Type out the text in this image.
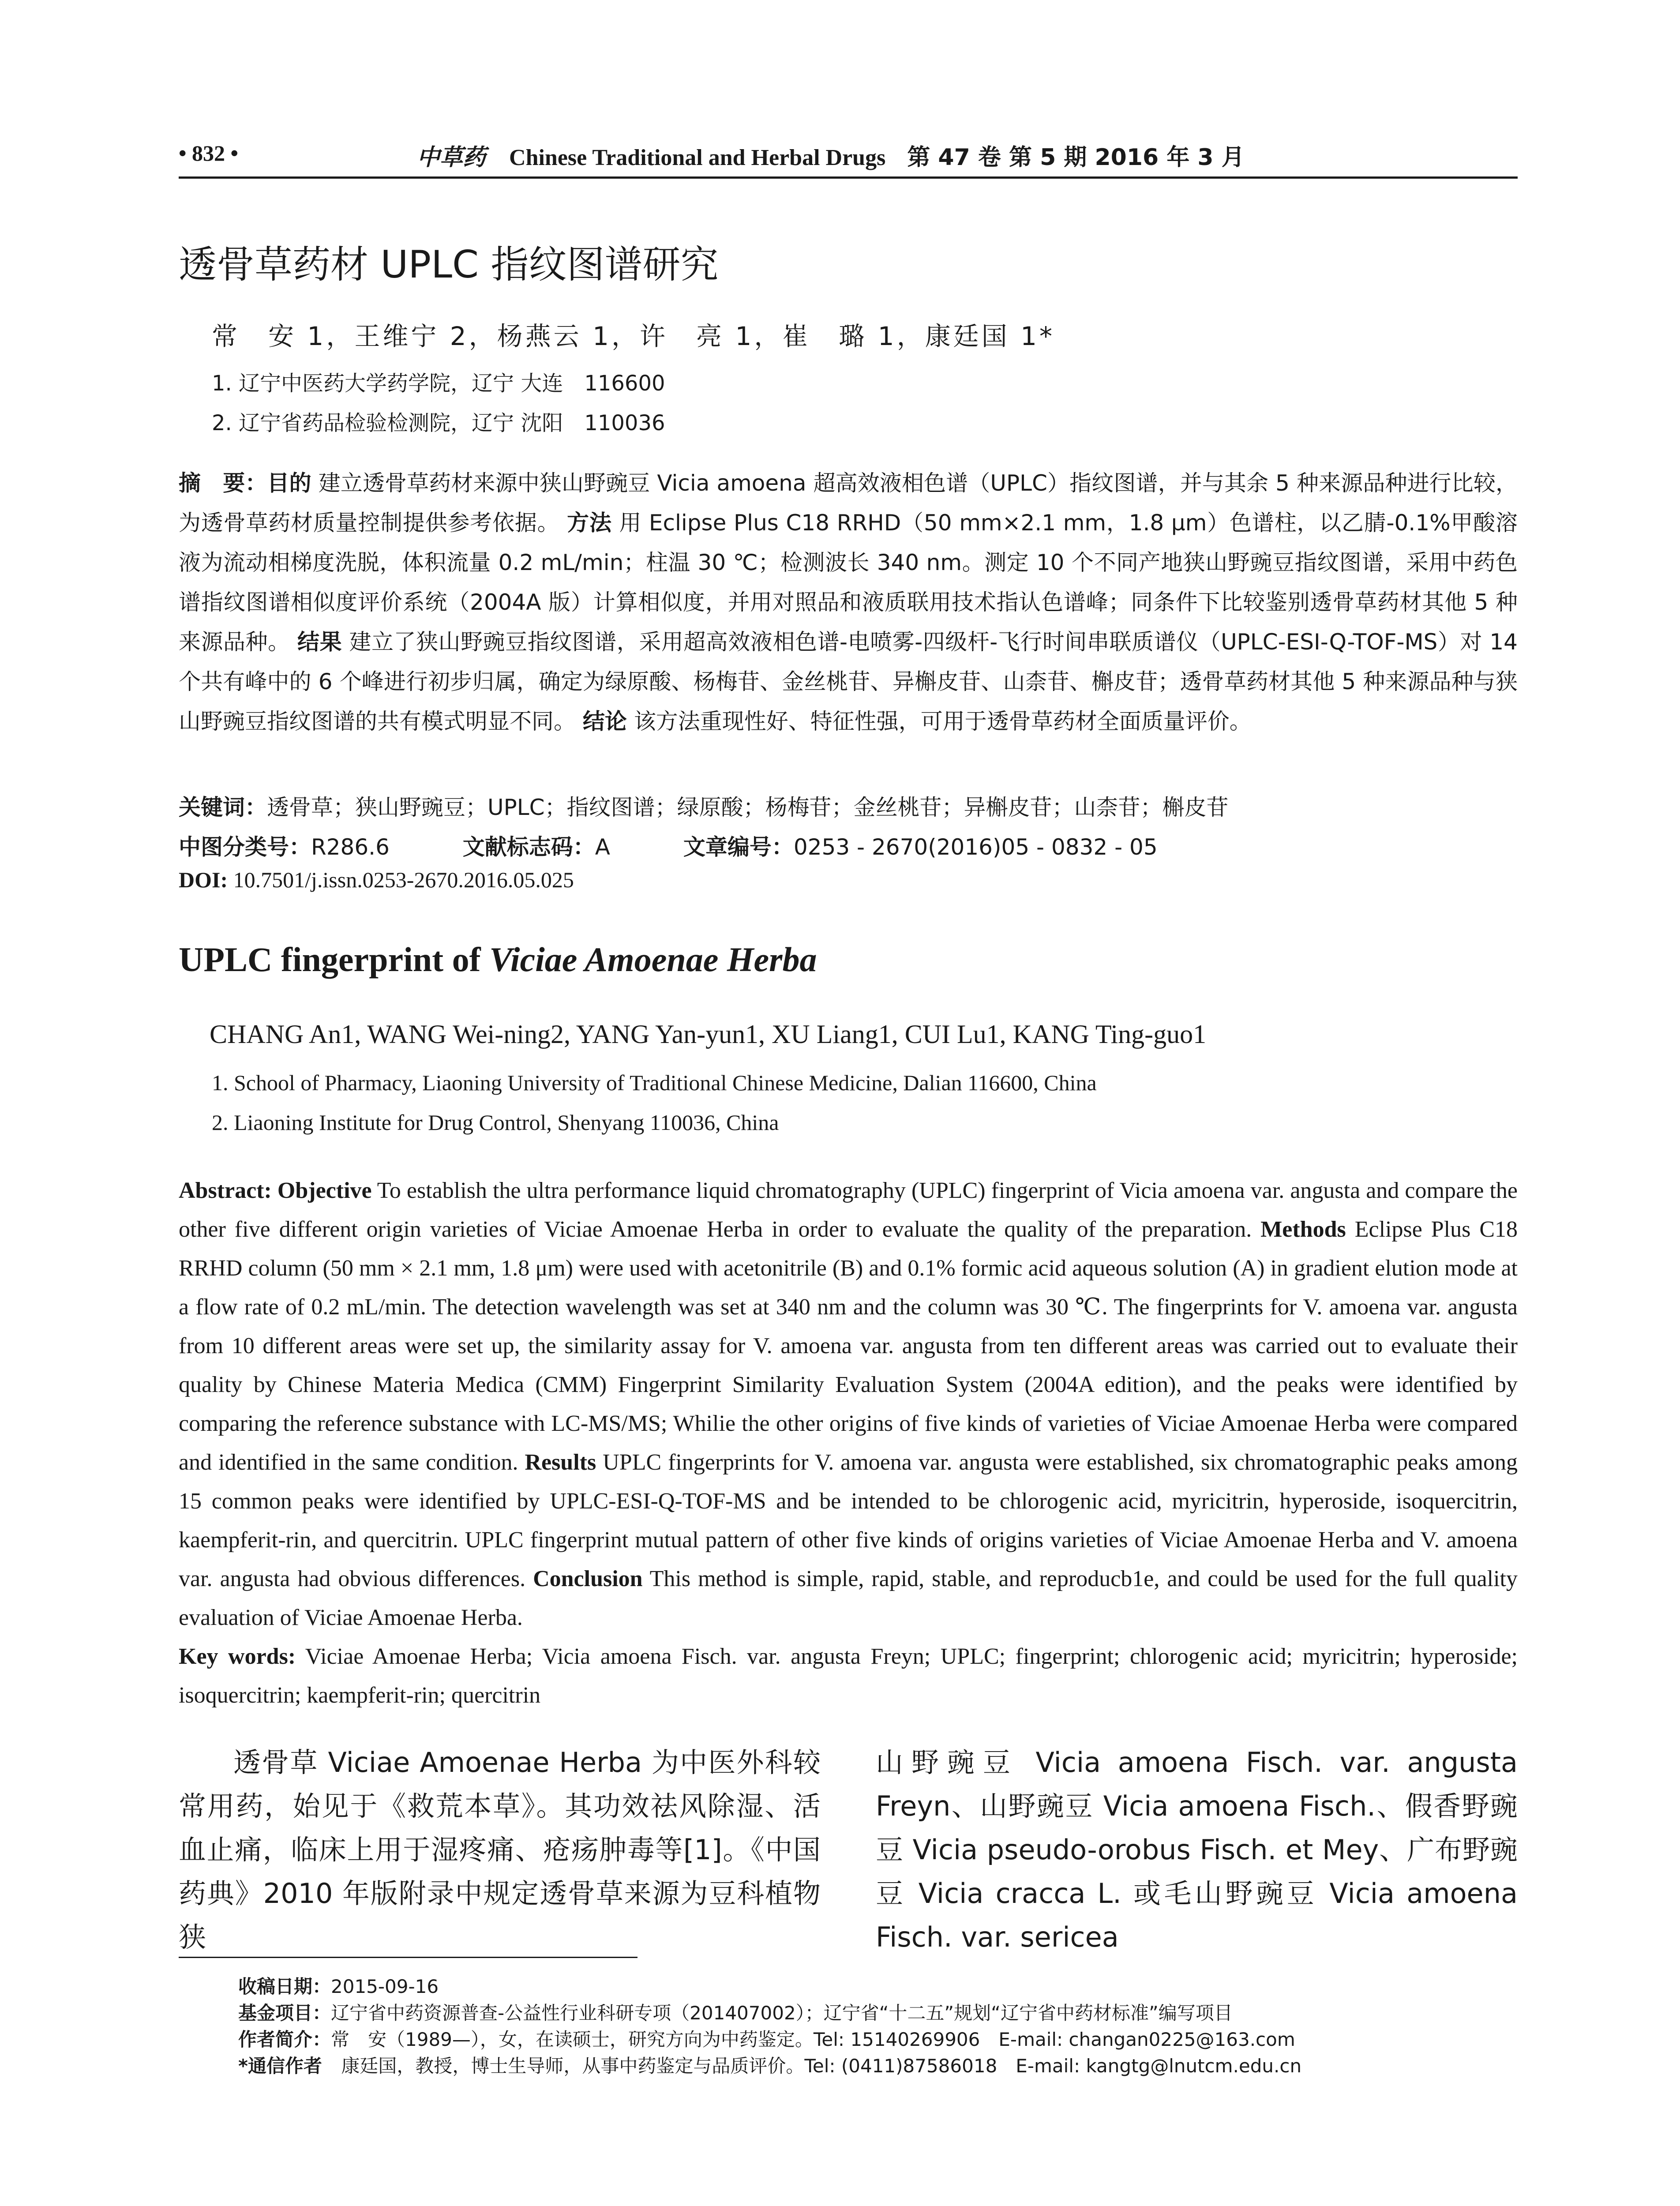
• 832 •	中草药 Chinese Traditional and Herbal Drugs 第 47 卷 第 5 期 2016 年 3 月
透骨草药材 UPLC 指纹图谱研究
常　安 1，王维宁 2，杨燕云 1，许　亮 1，崔　璐 1，康廷国 1*
1. 辽宁中医药大学药学院，辽宁 大连　116600
2. 辽宁省药品检验检测院，辽宁 沈阳　110036
摘　要：目的 建立透骨草药材来源中狭山野豌豆 Vicia amoena 超高效液相色谱（UPLC）指纹图谱，并与其余 5 种来源品种进行比较，为透骨草药材质量控制提供参考依据。 方法 用 Eclipse Plus C18 RRHD（50 mm×2.1 mm，1.8 μm）色谱柱，以乙腈-0.1%甲酸溶液为流动相梯度洗脱，体积流量 0.2 mL/min；柱温 30 ℃；检测波长 340 nm。测定 10 个不同产地狭山野豌豆指纹图谱，采用中药色谱指纹图谱相似度评价系统（2004A 版）计算相似度，并用对照品和液质联用技术指认色谱峰；同条件下比较鉴别透骨草药材其他 5 种来源品种。 结果 建立了狭山野豌豆指纹图谱，采用超高效液相色谱-电喷雾-四级杆-飞行时间串联质谱仪（UPLC-ESI-Q-TOF-MS）对 14 个共有峰中的 6 个峰进行初步归属，确定为绿原酸、杨梅苷、金丝桃苷、异槲皮苷、山柰苷、槲皮苷；透骨草药材其他 5 种来源品种与狭山野豌豆指纹图谱的共有模式明显不同。 结论 该方法重现性好、特征性强，可用于透骨草药材全面质量评价。
关键词：透骨草；狭山野豌豆；UPLC；指纹图谱；绿原酸；杨梅苷；金丝桃苷；异槲皮苷；山柰苷；槲皮苷
中图分类号：R286.6	文献标志码：A	文章编号：0253 - 2670(2016)05 - 0832 - 05
DOI: 10.7501/j.issn.0253-2670.2016.05.025
UPLC fingerprint of Viciae Amoenae Herba
CHANG An1, WANG Wei-ning2, YANG Yan-yun1, XU Liang1, CUI Lu1, KANG Ting-guo1
1. School of Pharmacy, Liaoning University of Traditional Chinese Medicine, Dalian 116600, China
2. Liaoning Institute for Drug Control, Shenyang 110036, China
Abstract: Objective To establish the ultra performance liquid chromatography (UPLC) fingerprint of Vicia amoena var. angusta and compare the other five different origin varieties of Viciae Amoenae Herba in order to evaluate the quality of the preparation. Methods Eclipse Plus C18 RRHD column (50 mm × 2.1 mm, 1.8 μm) were used with acetonitrile (B) and 0.1% formic acid aqueous solution (A) in gradient elution mode at a flow rate of 0.2 mL/min. The detection wavelength was set at 340 nm and the column was 30 ℃. The fingerprints for V. amoena var. angusta from 10 different areas were set up, the similarity assay for V. amoena var. angusta from ten different areas was carried out to evaluate their quality by Chinese Materia Medica (CMM) Fingerprint Similarity Evaluation System (2004A edition), and the peaks were identified by comparing the reference substance with LC-MS/MS; Whilie the other origins of five kinds of varieties of Viciae Amoenae Herba were compared and identified in the same condition. Results UPLC fingerprints for V. amoena var. angusta were established, six chromatographic peaks among 15 common peaks were identified by UPLC-ESI-Q-TOF-MS and be intended to be chlorogenic acid, myricitrin, hyperoside, isoquercitrin, kaempferit-rin, and quercitrin. UPLC fingerprint mutual pattern of other five kinds of origins varieties of Viciae Amoenae Herba and V. amoena var. angusta had obvious differences. Conclusion This method is simple, rapid, stable, and reproducb1e, and could be used for the full quality evaluation of Viciae Amoenae Herba.
Key words: Viciae Amoenae Herba; Vicia amoena Fisch. var. angusta Freyn; UPLC; fingerprint; chlorogenic acid; myricitrin; hyperoside; isoquercitrin; kaempferit-rin; quercitrin
透骨草 Viciae Amoenae Herba 为中医外科较常用药，始见于《救荒本草》。其功效祛风除湿、活血止痛，临床上用于湿疼痛、疮疡肿毒等[1]。《中国药典》2010 年版附录中规定透骨草来源为豆科植物狭
山野豌豆 Vicia amoena Fisch. var. angusta Freyn、山野豌豆 Vicia amoena Fisch.、假香野豌豆 Vicia pseudo-orobus Fisch. et Mey、广布野豌豆 Vicia cracca L. 或毛山野豌豆 Vicia amoena Fisch. var. sericea
收稿日期：2015-09-16
基金项目：辽宁省中药资源普查-公益性行业科研专项（201407002）；辽宁省“十二五”规划“辽宁省中药材标准”编写项目
作者简介：常　安（1989—），女，在读硕士，研究方向为中药鉴定。Tel: 15140269906　E-mail: changan0225@163.com
*通信作者 康廷国，教授，博士生导师，从事中药鉴定与品质评价。Tel: (0411)87586018　E-mail: kangtg@lnutcm.edu.cn
